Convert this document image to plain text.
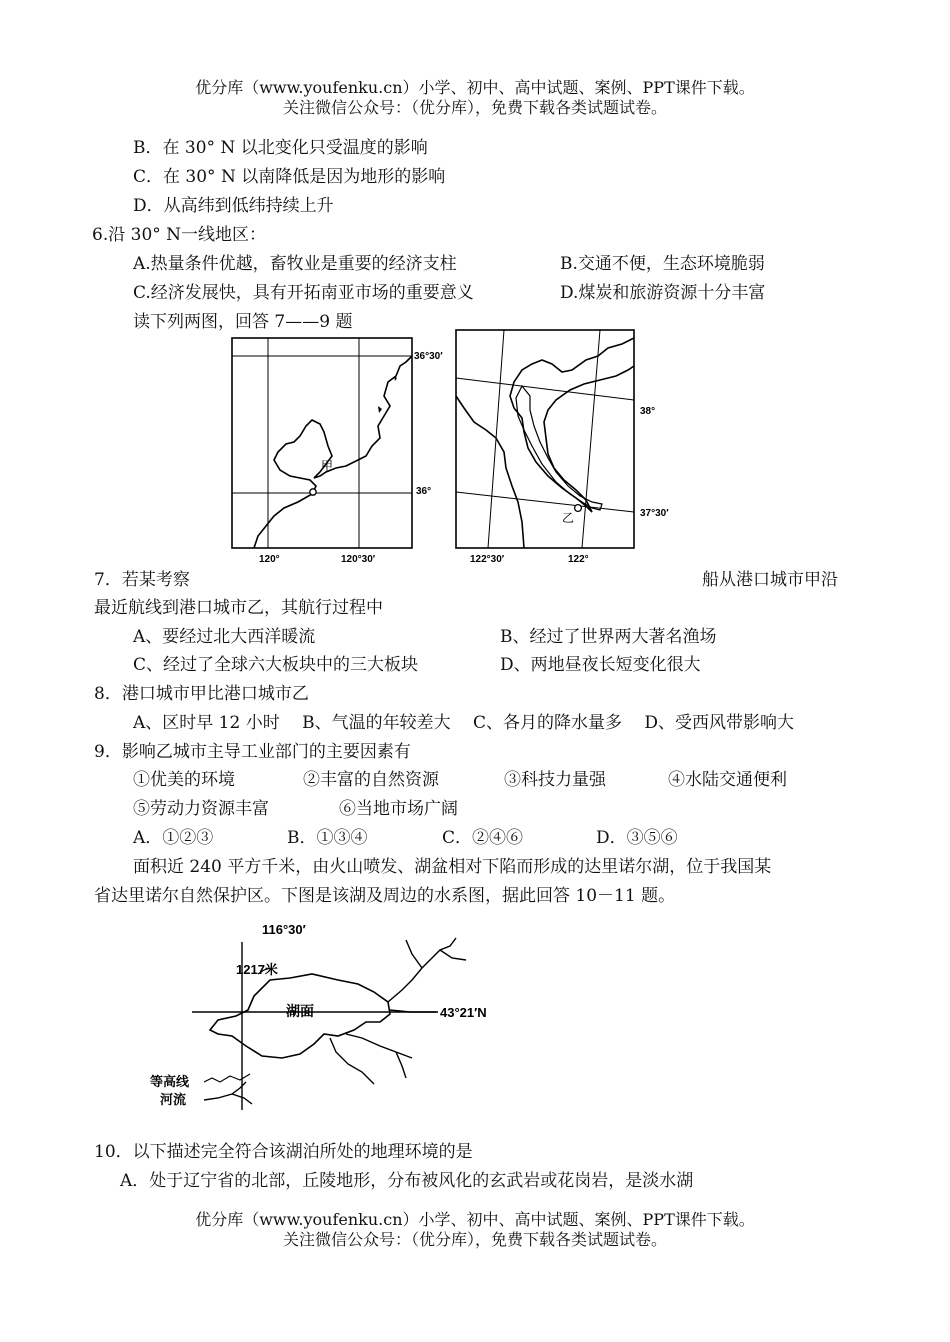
优分库（www.youfenku.cn）小学、初中、高中试题、案例、PPT课件下载。
关注微信公众号：（优分库），免费下载各类试题试卷。
B．在 30° N 以北变化只受温度的影响
C．在 30° N 以南降低是因为地形的影响
D．从高纬到低纬持续上升
6.沿 30° N一线地区：
A.热量条件优越，畜牧业是重要的经济支柱	B.交通不便，生态环境脆弱
C.经济发展快，具有开拓南亚市场的重要意义	D.煤炭和旅游资源十分丰富
读下列两图，回答 7——9 题
甲
36°30′
36°
120°	120°30′
乙
38°
37°30′
122°30′	122°
7．若某考察	船从港口城市甲沿
最近航线到港口城市乙，其航行过程中
A、要经过北大西洋暖流	B、经过了世界两大著名渔场
C、经过了全球六大板块中的三大板块	D、两地昼夜长短变化很大
8．港口城市甲比港口城市乙
A、区时早 12 小时　 B、气温的年较差大　 C、各月的降水量多　 D、受西风带影响大
9．影响乙城市主导工业部门的主要因素有
①优美的环境	②丰富的自然资源	③科技力量强	④水陆交通便利
⑤劳动力资源丰富	⑥当地市场广阔
A．①②③	B．①③④	C．②④⑥	D．③⑤⑥
面积近 240 平方千米，由火山喷发、湖盆相对下陷而形成的达里诺尔湖，位于我国某
省达里诺尔自然保护区。下图是该湖及周边的水系图，据此回答 10－11 题。
116°30′
1217米
湖面	43°21′N
等高线
河流
10．以下描述完全符合该湖泊所处的地理环境的是
A．处于辽宁省的北部，丘陵地形，分布被风化的玄武岩或花岗岩，是淡水湖
优分库（www.youfenku.cn）小学、初中、高中试题、案例、PPT课件下载。
关注微信公众号：（优分库），免费下载各类试题试卷。
